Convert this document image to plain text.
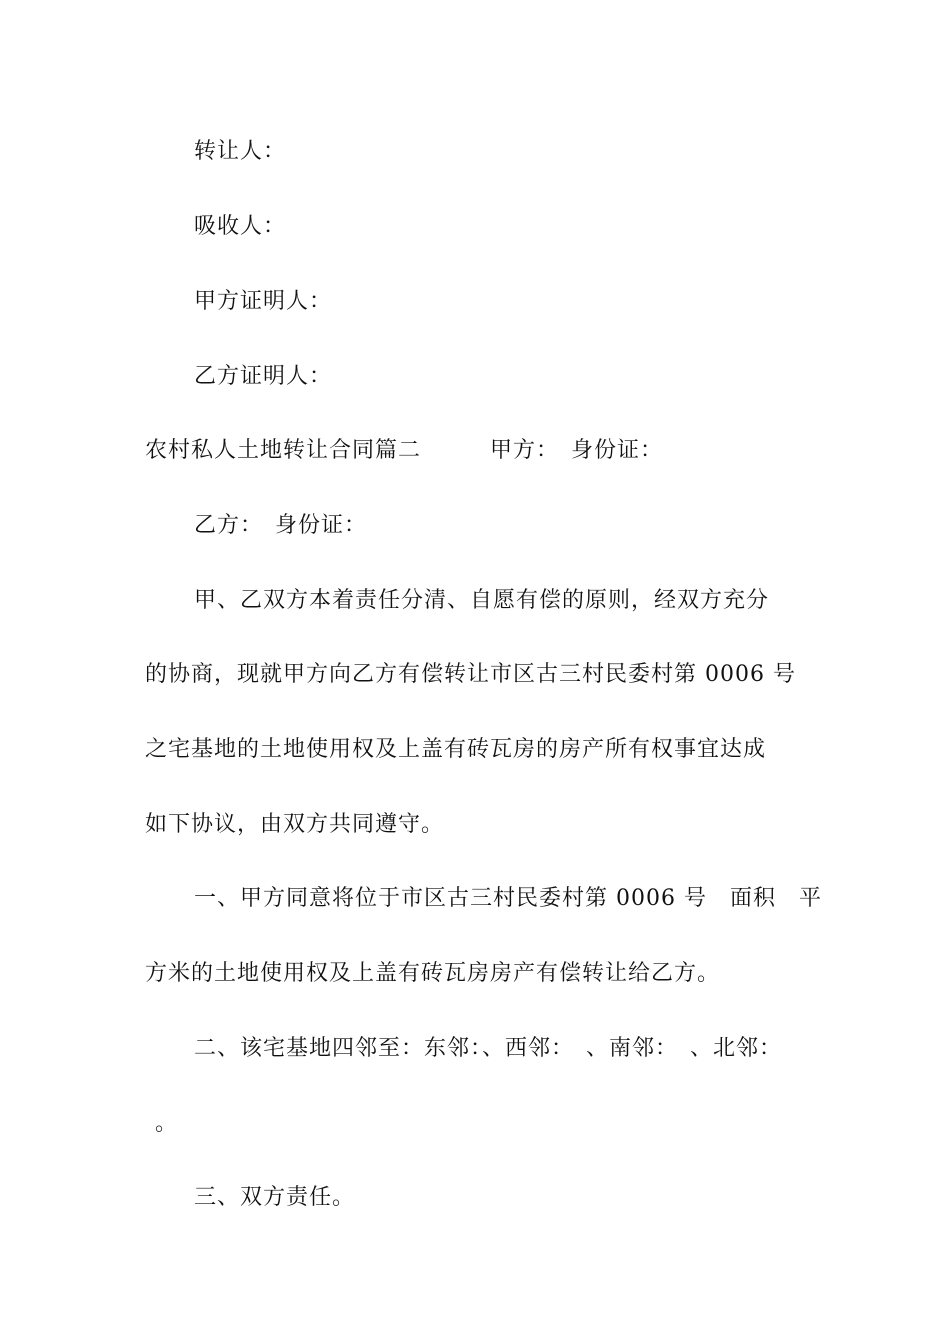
转让人：
吸收人：
甲方证明人：
乙方证明人：
农村私人土地转让合同篇二　　　甲方：　身份证：
乙方：　身份证：
甲、乙双方本着责任分清、自愿有偿的原则，经双方充分
的协商，现就甲方向乙方有偿转让市区古三村民委村第 0006 号
之宅基地的土地使用权及上盖有砖瓦房的房产所有权事宜达成
如下协议，由双方共同遵守。
一、甲方同意将位于市区古三村民委村第 0006 号　面积　平
方米的土地使用权及上盖有砖瓦房房产有偿转让给乙方。
二、该宅基地四邻至：东邻：、西邻：　、南邻：　、北邻：
。
三、双方责任。
